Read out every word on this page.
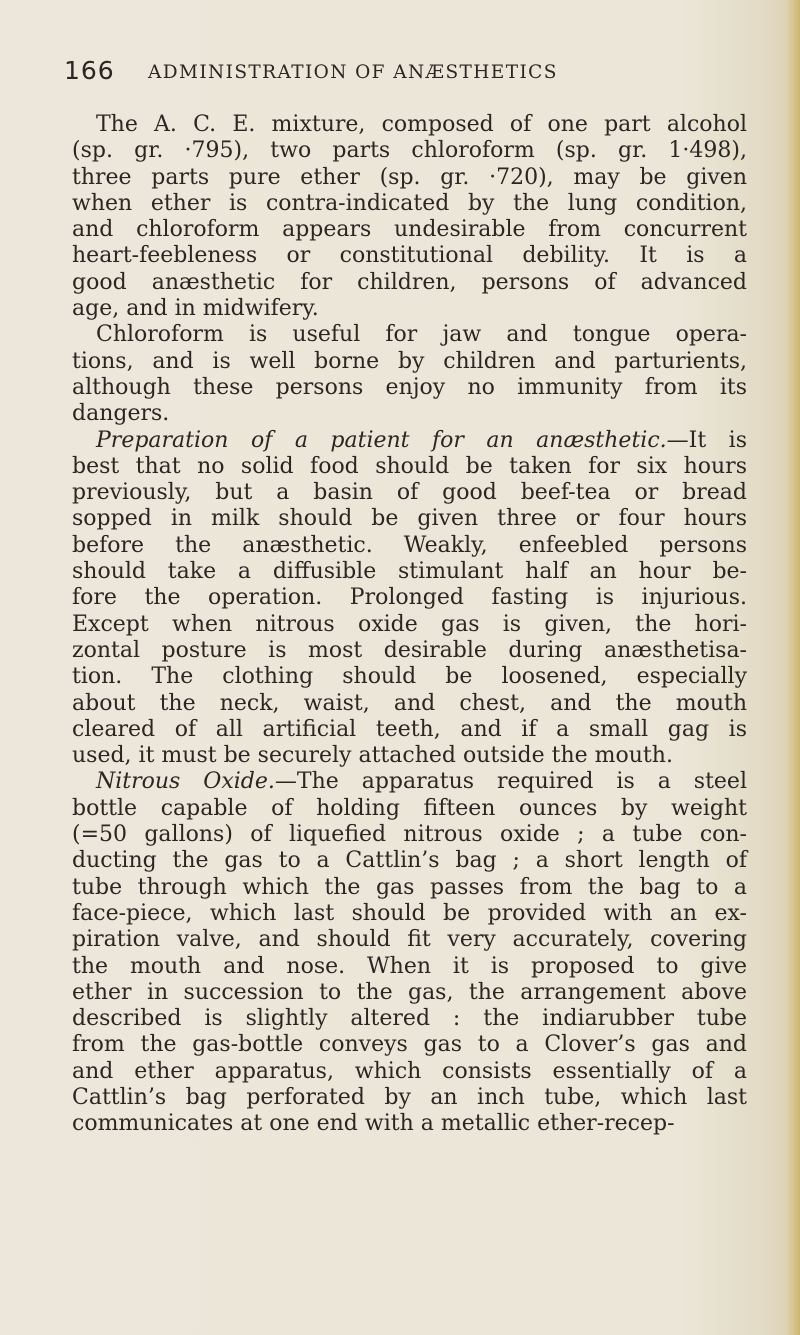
166 ADMINISTRATION OF ANÆSTHETICS
The A. C. E. mixture, composed of one part alcohol
(sp. gr. ·795), two parts chloroform (sp. gr. 1·498),
three parts pure ether (sp. gr. ·720), may be given
when ether is contra-indicated by the lung condition,
and chloroform appears undesirable from concurrent
heart-feebleness or constitutional debility. It is a
good anæsthetic for children, persons of advanced
age, and in midwifery.
Chloroform is useful for jaw and tongue opera-
tions, and is well borne by children and parturients,
although these persons enjoy no immunity from its
dangers.
Preparation of a patient for an anæsthetic.—It is
best that no solid food should be taken for six hours
previously, but a basin of good beef-tea or bread
sopped in milk should be given three or four hours
before the anæsthetic. Weakly, enfeebled persons
should take a diffusible stimulant half an hour be-
fore the operation. Prolonged fasting is injurious.
Except when nitrous oxide gas is given, the hori-
zontal posture is most desirable during anæsthetisa-
tion. The clothing should be loosened, especially
about the neck, waist, and chest, and the mouth
cleared of all artificial teeth, and if a small gag is
used, it must be securely attached outside the mouth.
Nitrous Oxide.—The apparatus required is a steel
bottle capable of holding fifteen ounces by weight
(=50 gallons) of liquefied nitrous oxide ; a tube con-
ducting the gas to a Cattlin’s bag ; a short length of
tube through which the gas passes from the bag to a
face-piece, which last should be provided with an ex-
piration valve, and should fit very accurately, covering
the mouth and nose. When it is proposed to give
ether in succession to the gas, the arrangement above
described is slightly altered : the indiarubber tube
from the gas-bottle conveys gas to a Clover’s gas and
and ether apparatus, which consists essentially of a
Cattlin’s bag perforated by an inch tube, which last
communicates at one end with a metallic ether-recep-
